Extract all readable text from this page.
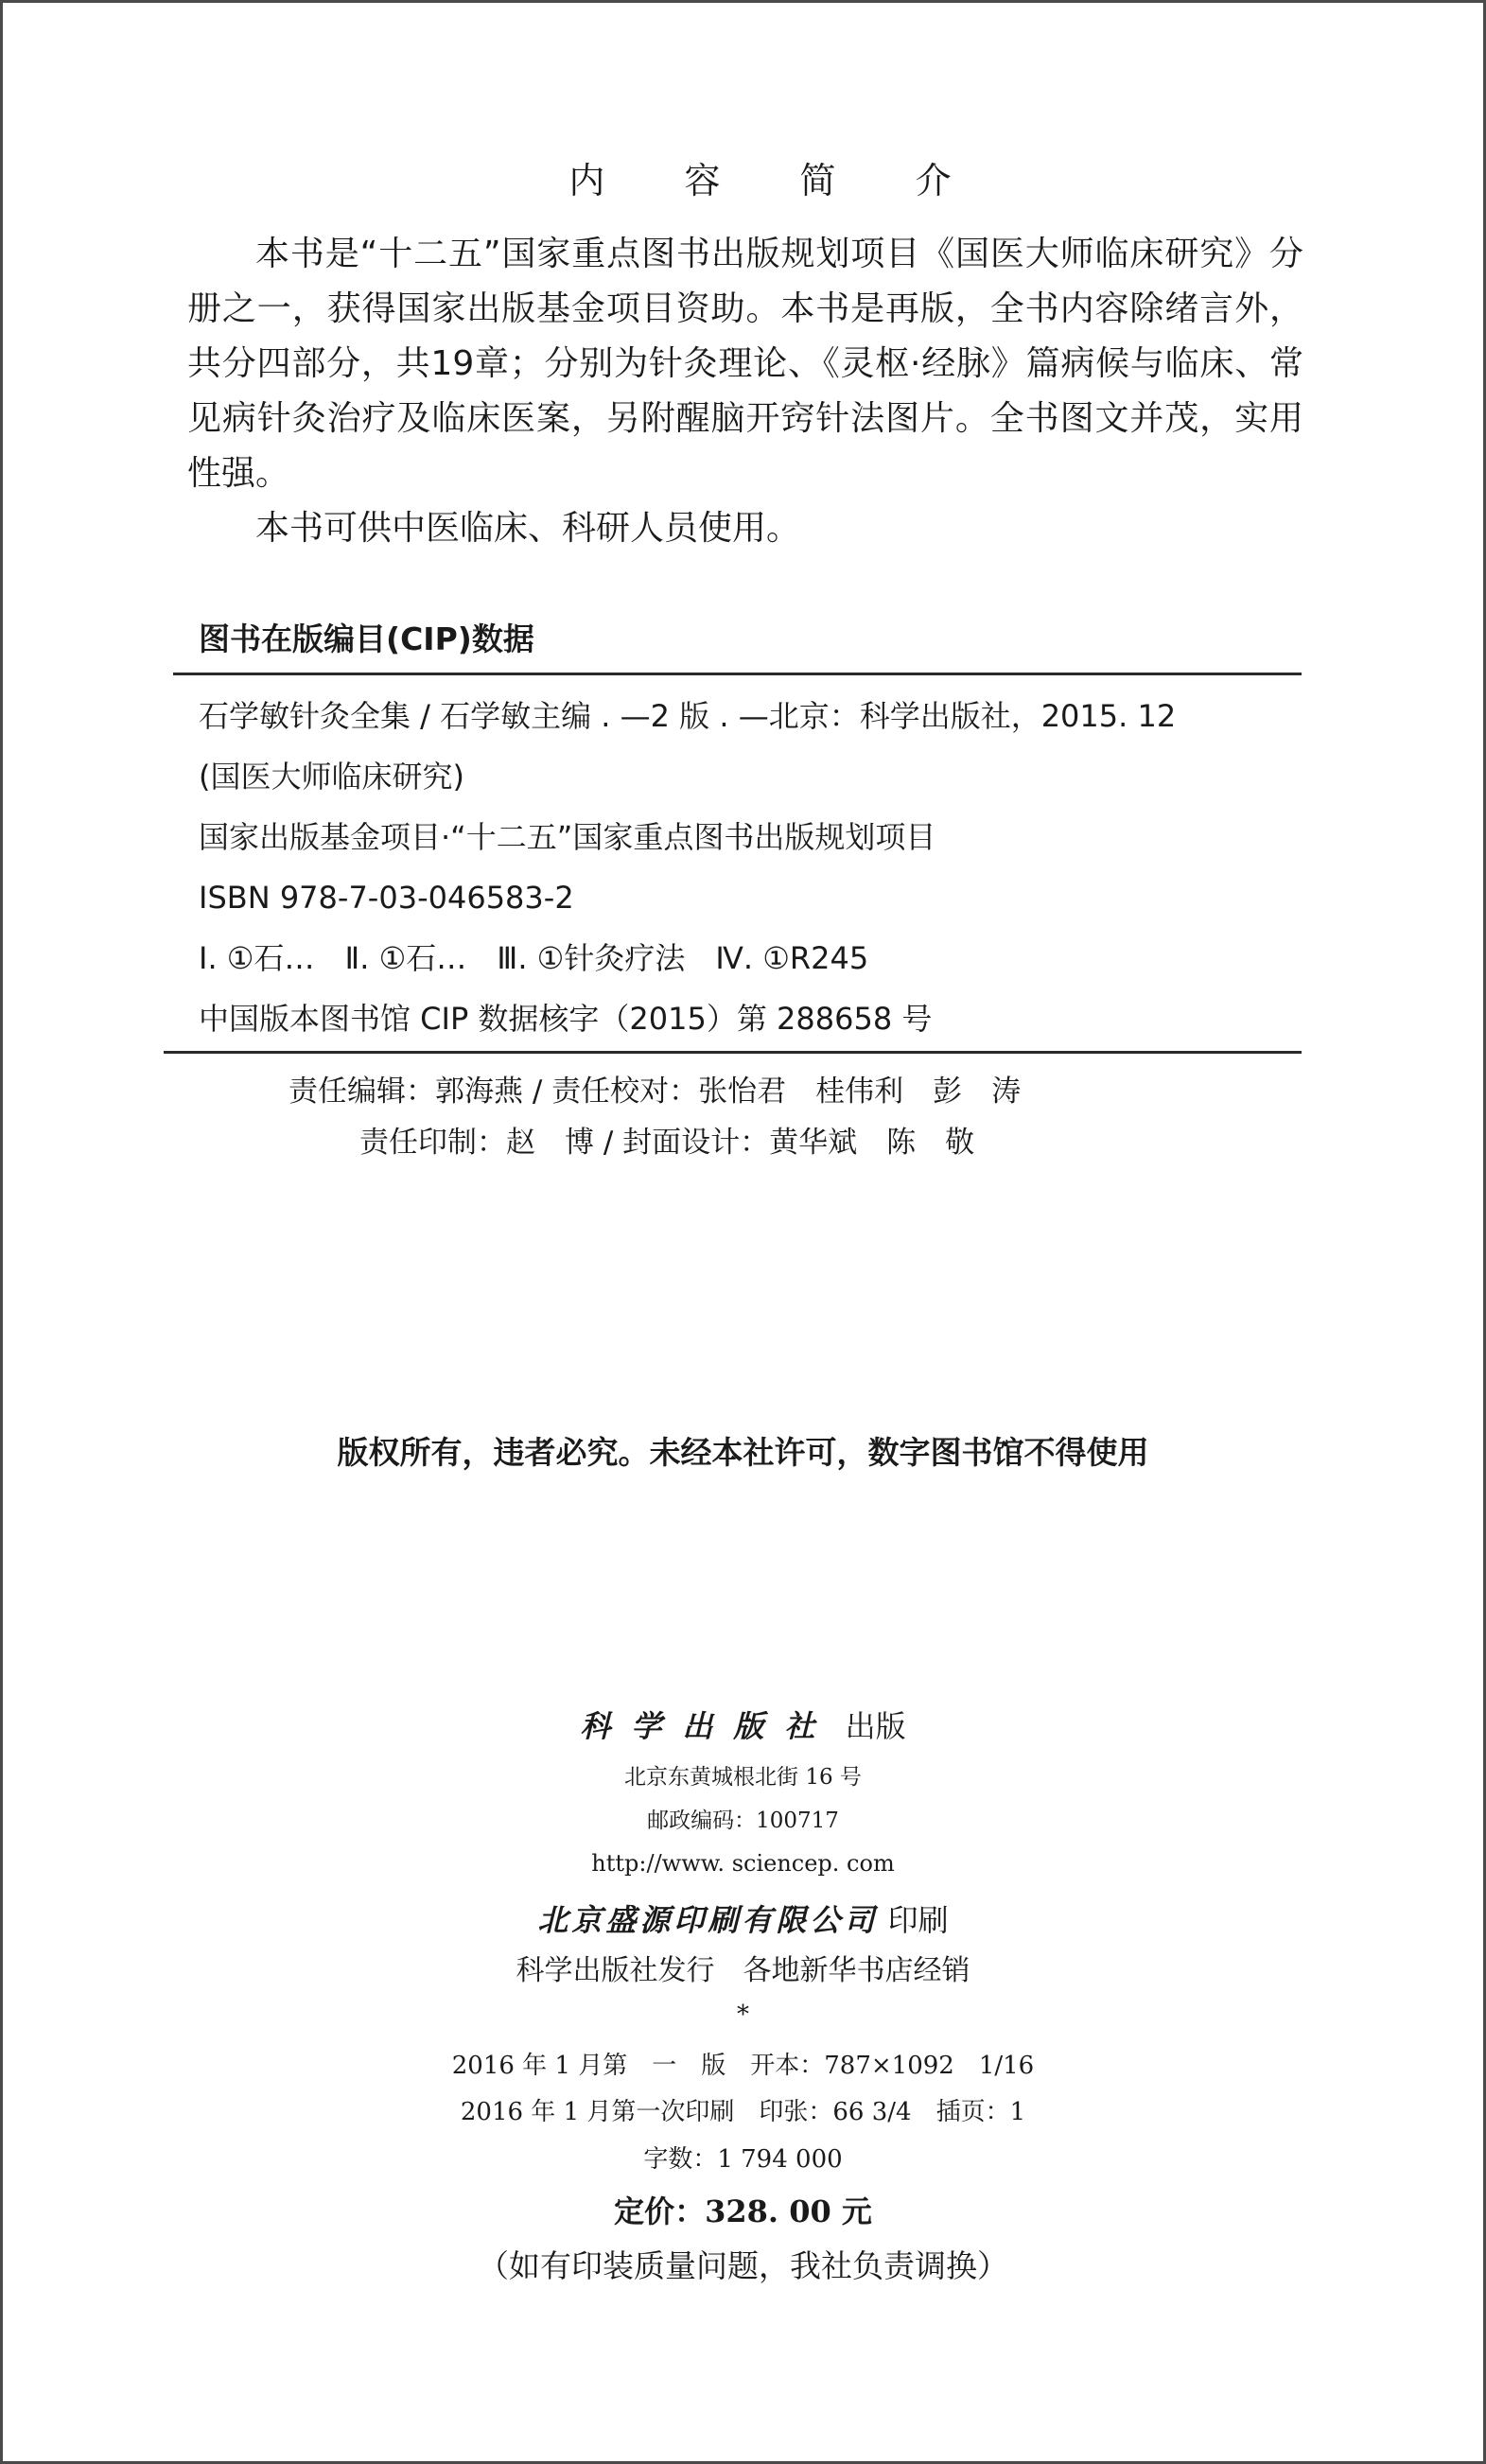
内 容 简 介

本书是“十二五”国家重点图书出版规划项目《国医大师临床研究》分册之一，获得国家出版基金项目资助。本书是再版，全书内容除绪言外，共分四部分，共19章；分别为针灸理论、《灵枢·经脉》篇病候与临床、常见病针灸治疗及临床医案，另附醒脑开窍针法图片。全书图文并茂，实用性强。

本书可供中医临床、科研人员使用。

图书在版编目(CIP)数据
石学敏针灸全集 / 石学敏主编 . —2 版 . —北京：科学出版社，2015. 12
(国医大师临床研究)
国家出版基金项目·“十二五”国家重点图书出版规划项目
ISBN 978-7-03-046583-2
Ⅰ. ①石…　Ⅱ. ①石…　Ⅲ. ①针灸疗法　Ⅳ. ①R245
中国版本图书馆 CIP 数据核字（2015）第 288658 号
责任编辑：郭海燕 / 责任校对：张怡君　桂伟利　彭　涛
责任印制：赵　博 / 封面设计：黄华斌　陈　敬
版权所有，违者必究。未经本社许可，数字图书馆不得使用
科学出版社 出版
北京东黄城根北街 16 号
邮政编码：100717
http://www. sciencep. com
北京盛源印刷有限公司 印刷
科学出版社发行　各地新华书店经销
*
2016 年 1 月第　一　版　开本：787×1092　1/16
2016 年 1 月第一次印刷　印张：66 3/4　插页：1
字数：1 794 000
定价：328. 00 元
（如有印装质量问题，我社负责调换）
